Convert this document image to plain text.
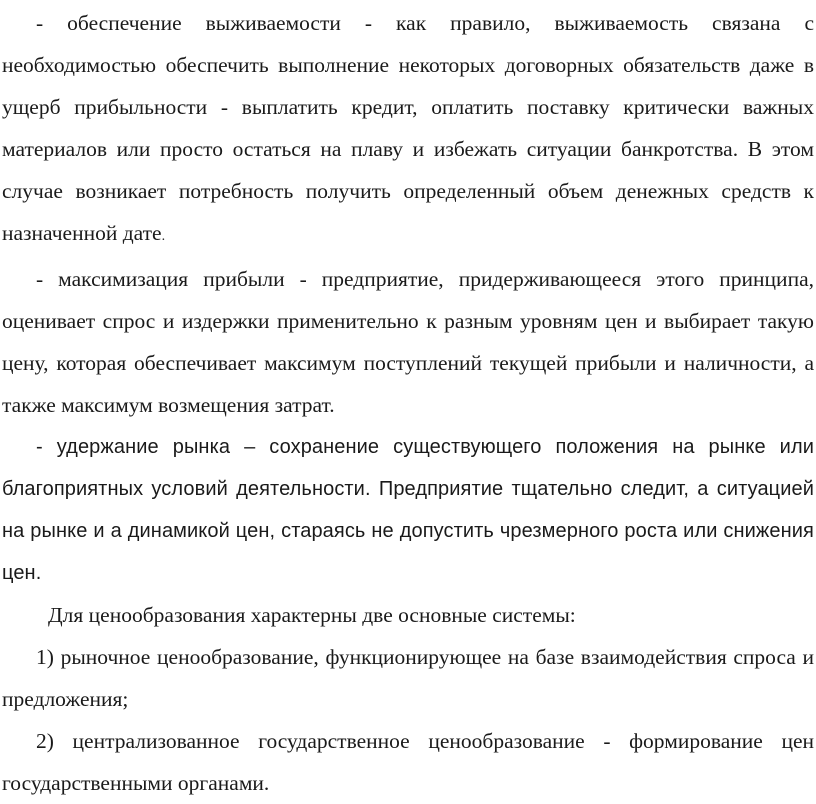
- обеспечение выживаемости - как правило, выживаемость связана с необходимостью обеспечить выполнение некоторых договорных обязательств даже в ущерб прибыльности - выплатить кредит, оплатить поставку критически важных материалов или просто остаться на плаву и избежать ситуации банкротства. В этом случае возникает потребность получить определенный объем денежных средств к назначенной дате.

- максимизация прибыли - предприятие, придерживающееся этого принципа, оценивает спрос и издержки применительно к разным уровням цен и выбирает такую цену, которая обеспечивает максимум поступлений текущей прибыли и наличности, а также максимум возмещения затрат.

- удержание рынка – сохранение существующего положения на рынке или благоприятных условий деятельности. Предприятие тщательно следит, а ситуацией на рынке и а динамикой цен, стараясь не допустить чрезмерного роста или снижения цен.

Для ценообразования характерны две основные системы:

1) рыночное ценообразование, функционирующее на базе взаимодействия спроса и предложения;

2) централизованное государственное ценообразование - формирование цен государственными органами.
